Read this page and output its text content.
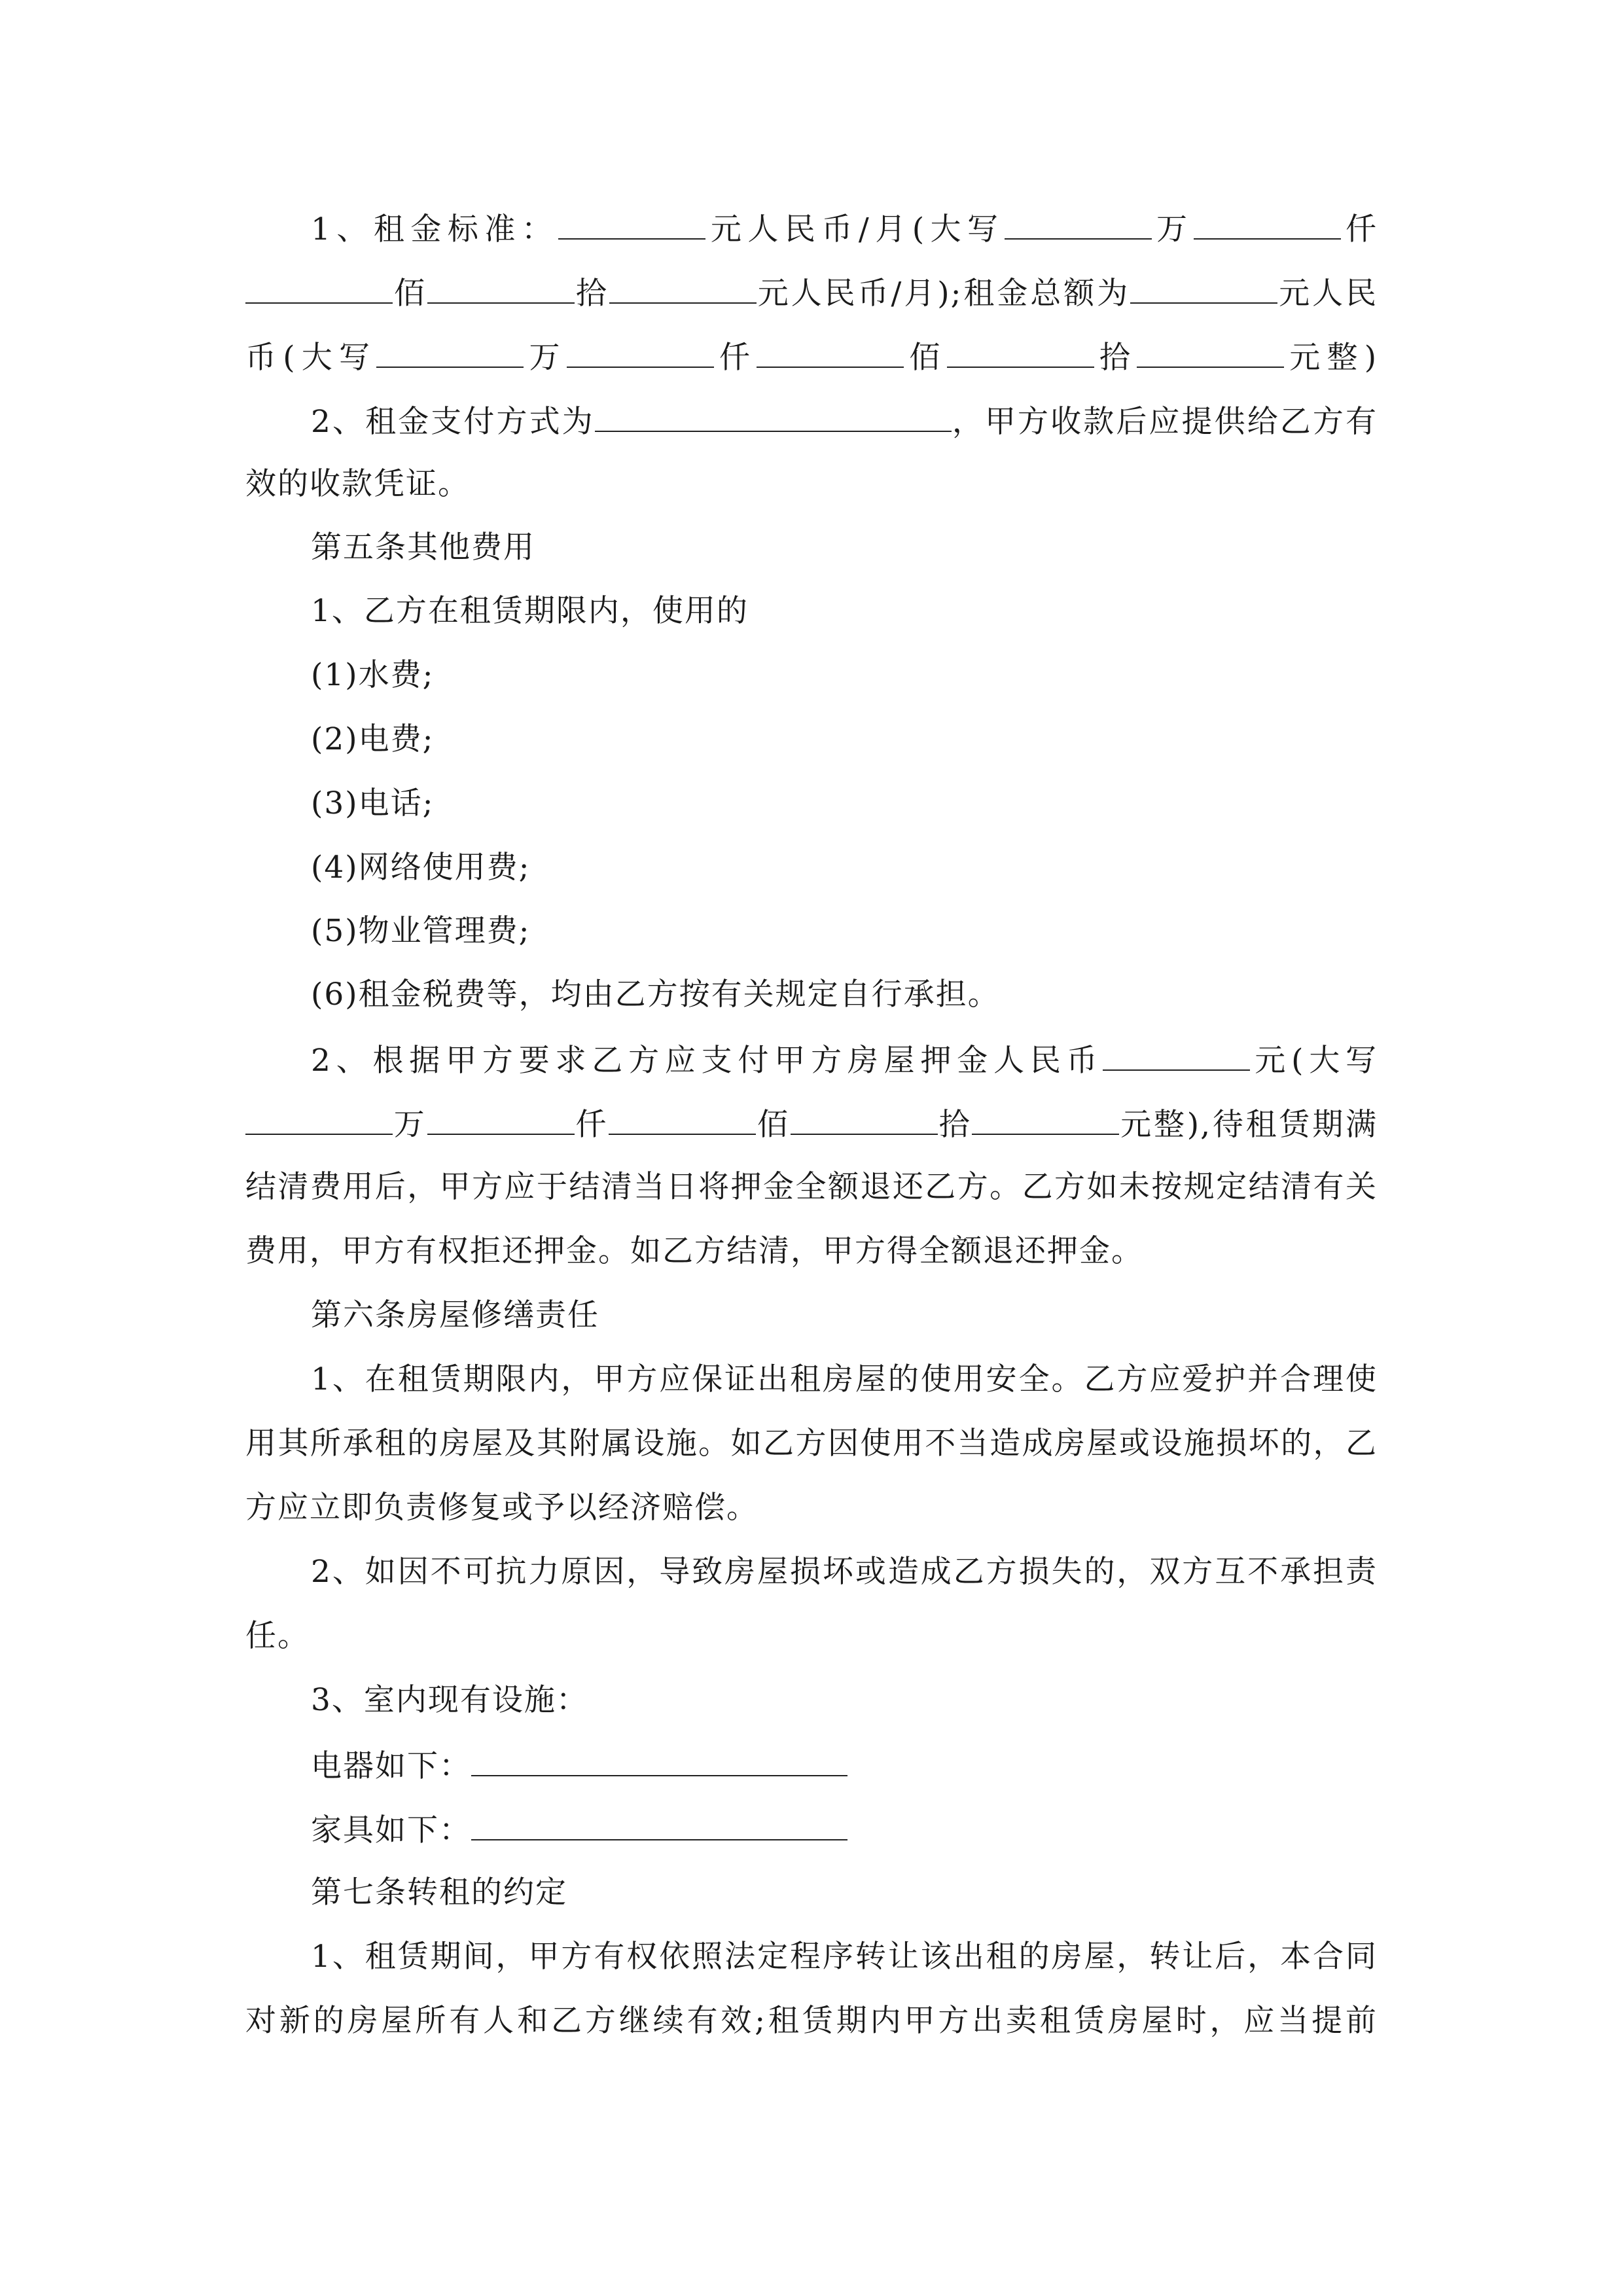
1、租金标准：	元人民币/月(大写	万	仟
佰	拾	元人民币/月);租金总额为	元人民
币(大写	万	仟	佰	拾	元整)
2、租金支付方式为	，甲方收款后应提供给乙方有
效的收款凭证。
第五条其他费用
1、乙方在租赁期限内，使用的
(1)水费;
(2)电费;
(3)电话;
(4)网络使用费;
(5)物业管理费;
(6)租金税费等，均由乙方按有关规定自行承担。
2、根据甲方要求乙方应支付甲方房屋押金人民币	元(大写
万	仟	佰	拾	元整),待租赁期满
结清费用后，甲方应于结清当日将押金全额退还乙方。乙方如未按规定结清有关
费用，甲方有权拒还押金。如乙方结清，甲方得全额退还押金。
第六条房屋修缮责任
1、在租赁期限内，甲方应保证出租房屋的使用安全。乙方应爱护并合理使
用其所承租的房屋及其附属设施。如乙方因使用不当造成房屋或设施损坏的，乙
方应立即负责修复或予以经济赔偿。
2、如因不可抗力原因，导致房屋损坏或造成乙方损失的，双方互不承担责
任。
3、室内现有设施：
电器如下：
家具如下：
第七条转租的约定
1、租赁期间，甲方有权依照法定程序转让该出租的房屋，转让后，本合同
对新的房屋所有人和乙方继续有效;租赁期内甲方出卖租赁房屋时，应当提前
